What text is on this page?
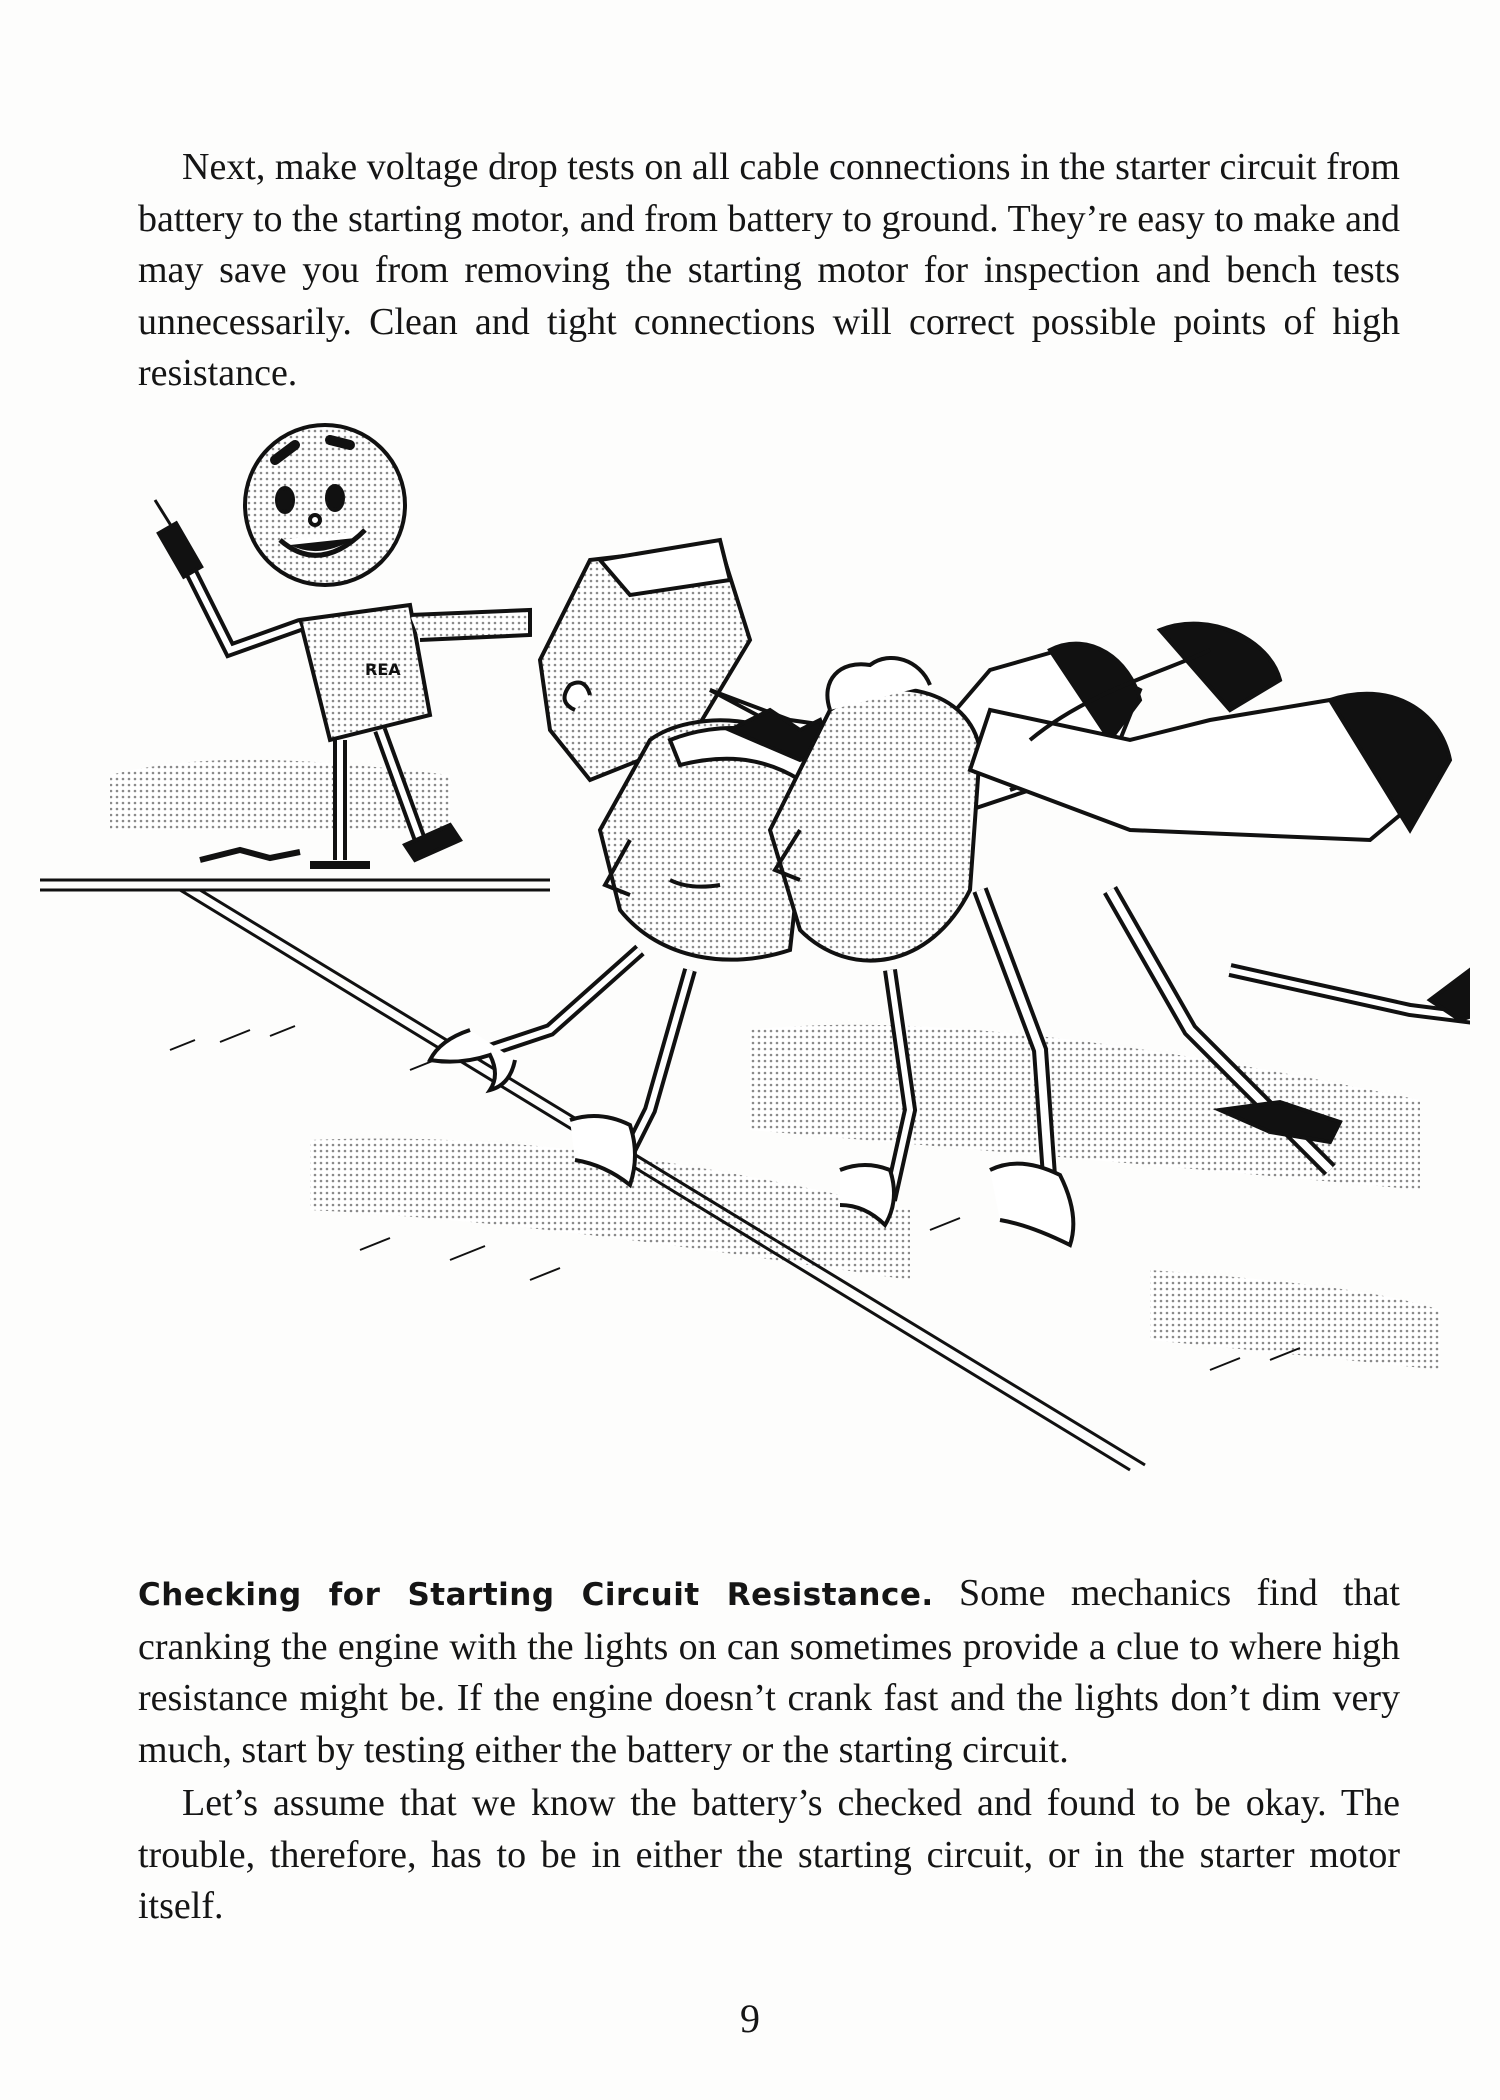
Next, make voltage drop tests on all cable connections in the starter circuit from battery to the starting motor, and from battery to ground. They’re easy to make and may save you from removing the starting motor for inspection and bench tests unnecessarily. Clean and tight connections will correct possible points of high resistance.

REA

Checking for Starting Circuit Resistance. Some mechanics find that cranking the engine with the lights on can sometimes provide a clue to where high resistance might be. If the engine doesn’t crank fast and the lights don’t dim very much, start by testing either the battery or the starting circuit.

Let’s assume that we know the battery’s checked and found to be okay. The trouble, therefore, has to be in either the starting circuit, or in the starter motor itself.

9
